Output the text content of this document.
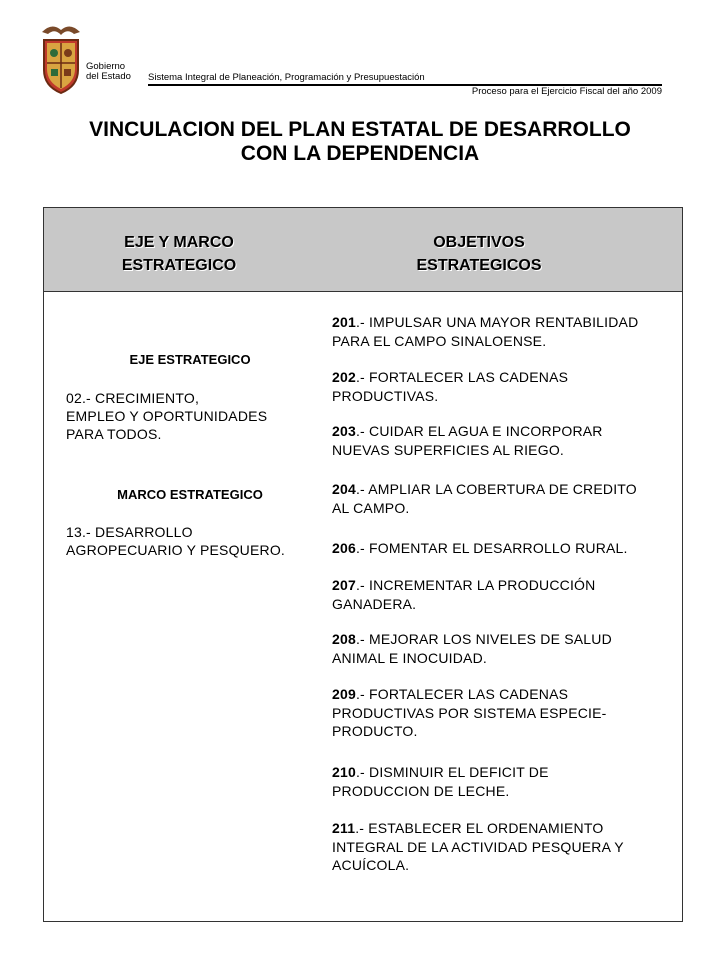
Gobierno
del Estado Sistema Integral de Planeación, Programación y Presupuestación
Proceso para el Ejercicio Fiscal del año 2009
VINCULACION DEL PLAN ESTATAL DE DESARROLLO
CON LA DEPENDENCIA
EJE Y MARCO
ESTRATEGICO
OBJETIVOS
ESTRATEGICOS
EJE ESTRATEGICO
02.- CRECIMIENTO,
EMPLEO Y OPORTUNIDADES
PARA TODOS.
MARCO ESTRATEGICO
13.- DESARROLLO
AGROPECUARIO Y PESQUERO.
201.- IMPULSAR UNA MAYOR RENTABILIDAD
PARA EL CAMPO SINALOENSE.
202.- FORTALECER LAS CADENAS
PRODUCTIVAS.
203.- CUIDAR EL AGUA E INCORPORAR
NUEVAS SUPERFICIES AL RIEGO.
204.- AMPLIAR LA COBERTURA DE CREDITO
AL CAMPO.
206.- FOMENTAR EL DESARROLLO RURAL.
207.- INCREMENTAR LA PRODUCCIÓN
GANADERA.
208.- MEJORAR LOS NIVELES DE SALUD
ANIMAL E INOCUIDAD.
209.- FORTALECER LAS CADENAS
PRODUCTIVAS POR SISTEMA ESPECIE-
PRODUCTO.
210.- DISMINUIR EL DEFICIT DE
PRODUCCION DE LECHE.
211.- ESTABLECER EL ORDENAMIENTO
INTEGRAL DE LA ACTIVIDAD PESQUERA Y
ACUÍCOLA.
